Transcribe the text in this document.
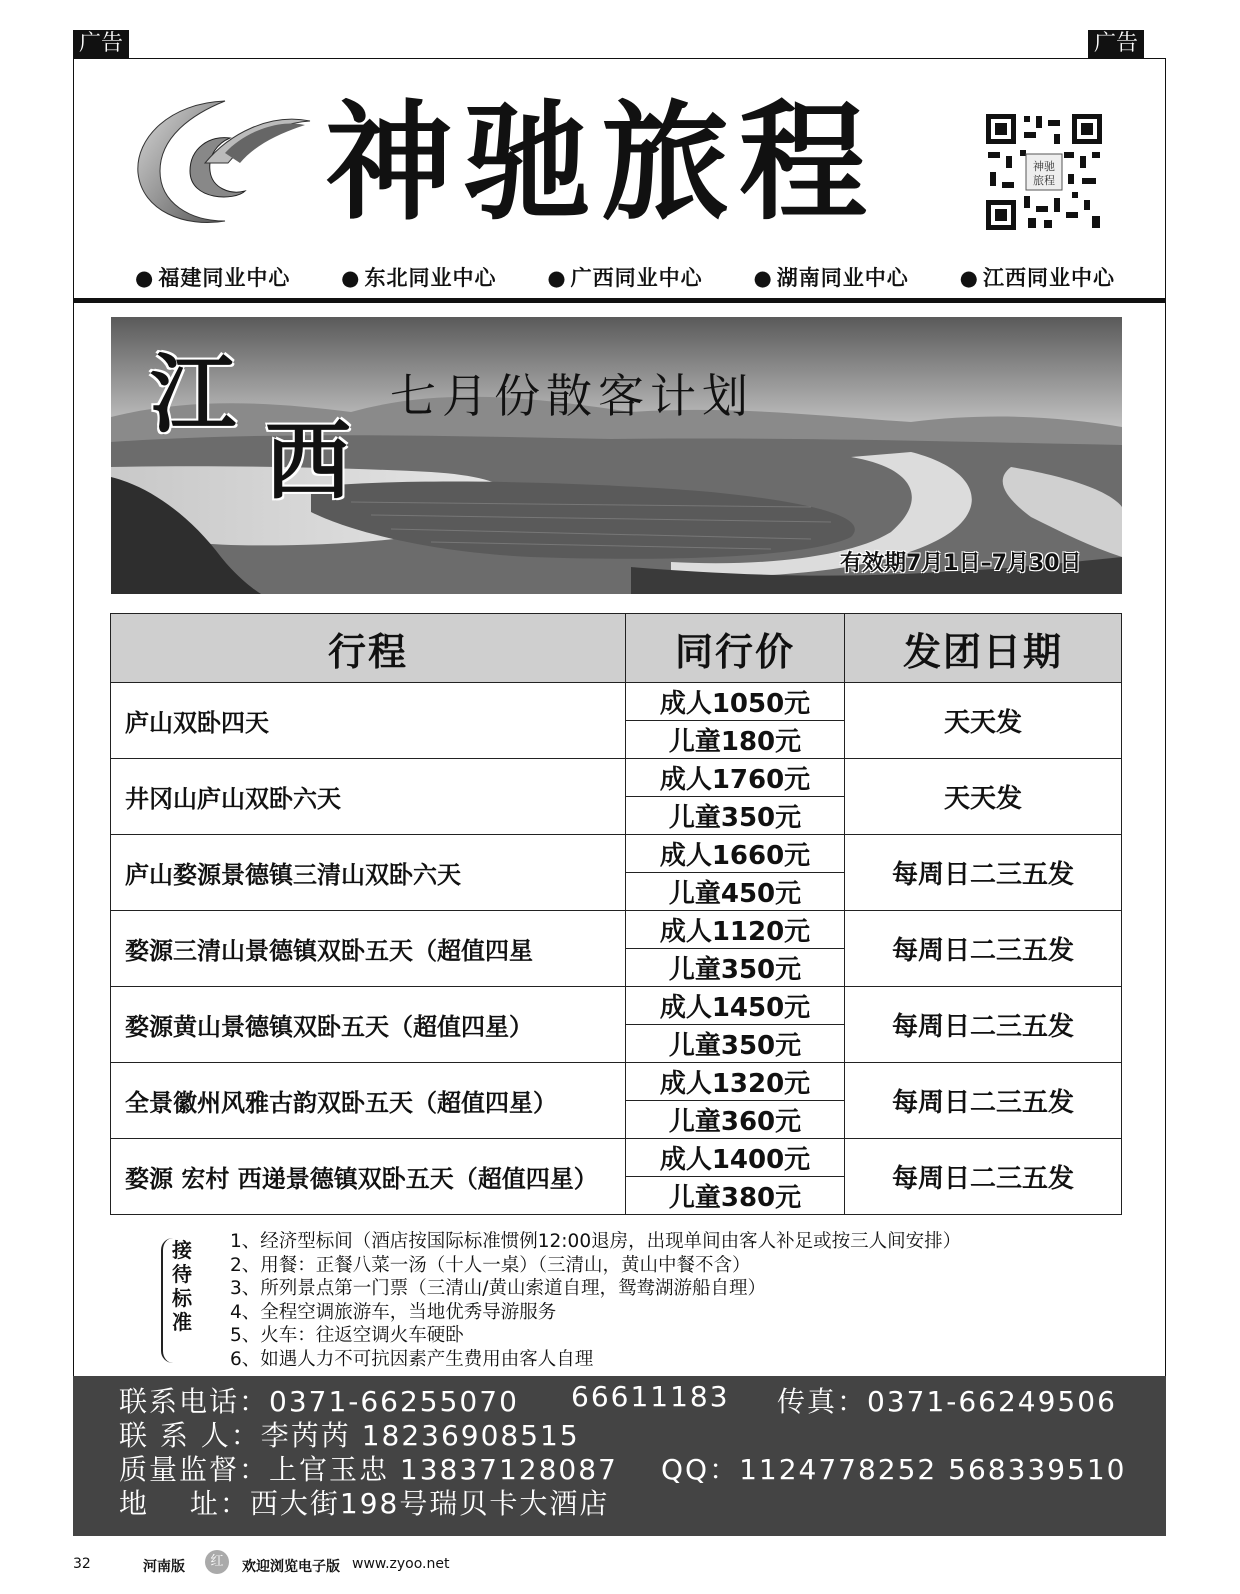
广告	广告
神驰旅程	神驰
旅程
● 福建同业中心	● 东北同业中心	● 广西同业中心	● 湖南同业中心	● 江西同业中心
江
西
七月份散客计划
有效期7月1日–7月30日
行程	同行价	发团日期
庐山双卧四天	成人1050元	天天发
	儿童180元	
井冈山庐山双卧六天	成人1760元	天天发
	儿童350元	
庐山婺源景德镇三清山双卧六天	成人1660元	每周日二三五发
	儿童450元	
婺源三清山景德镇双卧五天（超值四星	成人1120元	每周日二三五发
	儿童350元	
婺源黄山景德镇双卧五天（超值四星）	成人1450元	每周日二三五发
	儿童350元	
全景徽州风雅古韵双卧五天（超值四星）	成人1320元	每周日二三五发
	儿童360元	
婺源 宏村 西递景德镇双卧五天（超值四星）	成人1400元	每周日二三五发
	儿童380元	
接
待
标
准
1、经济型标间（酒店按国际标准惯例12:00退房，出现单间由客人补足或按三人间安排）
2、用餐：正餐八菜一汤（十人一桌）（三清山，黄山中餐不含）
3、所列景点第一门票（三清山/黄山索道自理，鸳鸯湖游船自理）
4、全程空调旅游车，当地优秀导游服务
5、火车：往返空调火车硬卧
6、如遇人力不可抗因素产生费用由客人自理
联系电话：0371-66255070 66611183 传真：0371-66249506
联 系 人：李芮芮 18236908515
质量监督：上官玉忠 13837128087 QQ：1124778252 568339510
地　 址：西大街198号瑞贝卡大酒店
32	河南版	红	欢迎浏览电子版 www.zyoo.net
